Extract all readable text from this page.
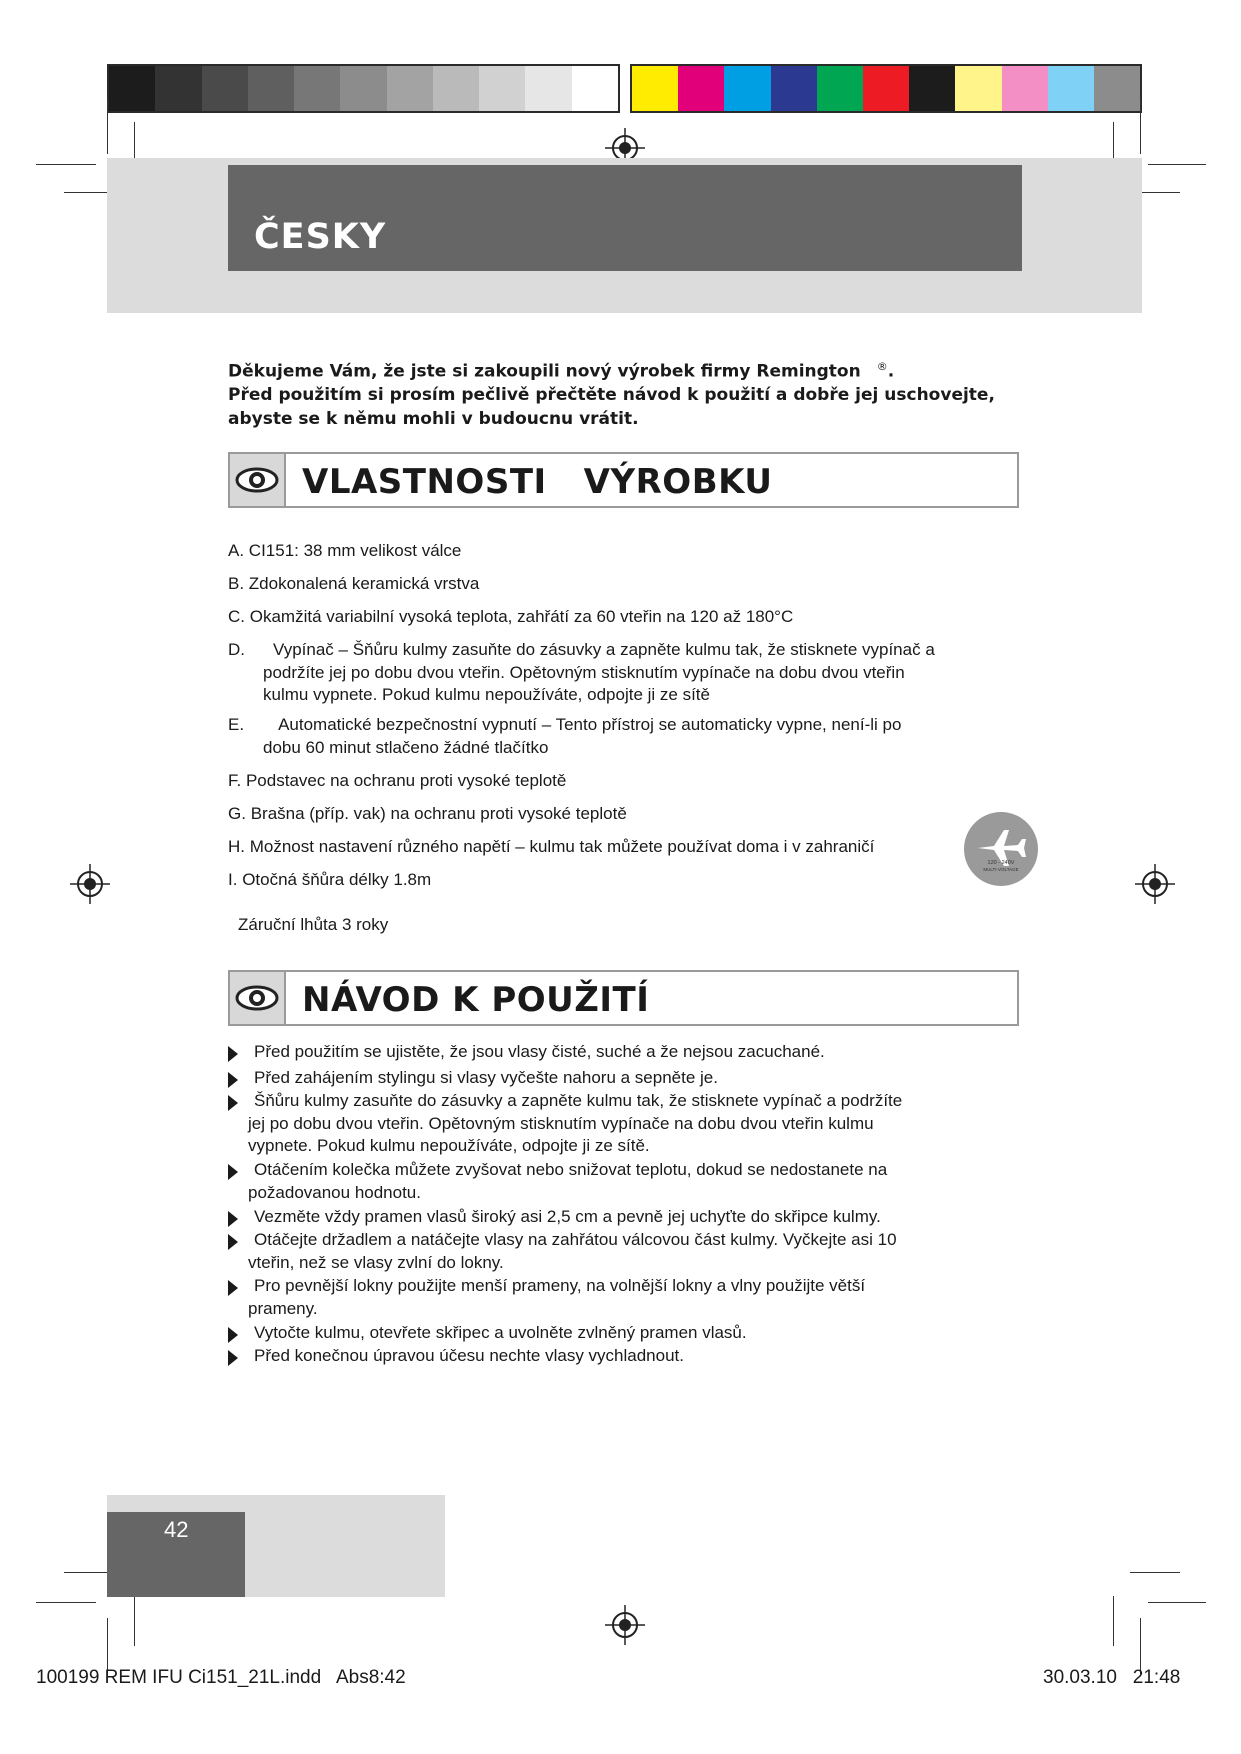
ČESKY
Děkujeme Vám, že jste si zakoupili nový výrobek firmy Remington ®.
Před použitím si prosím pečlivě přečtěte návod k použití a dobře jej uschovejte,
abyste se k němu mohli v budoucnu vrátit.
VLASTNOSTI   VÝROBKU
A. CI151: 38 mm velikost válce
B. Zdokonalená keramická vrstva
C. Okamžitá variabilní vysoká teplota, zahřátí za 60 vteřin na 120 až 180°C
D. Vypínač – Šňůru kulmy zasuňte do zásuvky a zapněte kulmu tak, že stisknete vypínač a
podržíte jej po dobu dvou vteřin. Opětovným stisknutím vypínače na dobu dvou vteřin
kulmu vypnete. Pokud kulmu nepoužíváte, odpojte ji ze sítě
E. Automatické bezpečnostní vypnutí – Tento přístroj se automaticky vypne, není-li po
dobu 60 minut stlačeno žádné tlačítko
F. Podstavec na ochranu proti vysoké teplotě
G. Brašna (příp. vak) na ochranu proti vysoké teplotě
H. Možnost nastavení různého napětí – kulmu tak můžete používat doma i v zahraničí
I. Otočná šňůra délky 1.8m
Záruční lhůta 3 roky
120 - 240V
MULTI-VOLTAGE
NÁVOD K POUŽITÍ
Před použitím se ujistěte, že jsou vlasy čisté, suché a že nejsou zacuchané.
Před zahájením stylingu si vlasy vyčešte nahoru a sepněte je.
Šňůru kulmy zasuňte do zásuvky a zapněte kulmu tak, že stisknete vypínač a podržíte
jej po dobu dvou vteřin. Opětovným stisknutím vypínače na dobu dvou vteřin kulmu
vypnete. Pokud kulmu nepoužíváte, odpojte ji ze sítě.
Otáčením kolečka můžete zvyšovat nebo snižovat teplotu, dokud se nedostanete na
požadovanou hodnotu.
Vezměte vždy pramen vlasů široký asi 2,5 cm a pevně jej uchyťte do skřipce kulmy.
Otáčejte držadlem a natáčejte vlasy na zahřátou válcovou část kulmy. Vyčkejte asi 10
vteřin, než se vlasy zvlní do lokny.
Pro pevnější lokny použijte menší prameny, na volnější lokny a vlny použijte větší
prameny.
Vytočte kulmu, otevřete skřipec a uvolněte zvlněný pramen vlasů.
Před konečnou úpravou účesu nechte vlasy vychladnout.
42
100199 REM IFU Ci151_21L.indd   Abs8:42	30.03.10   21:48
